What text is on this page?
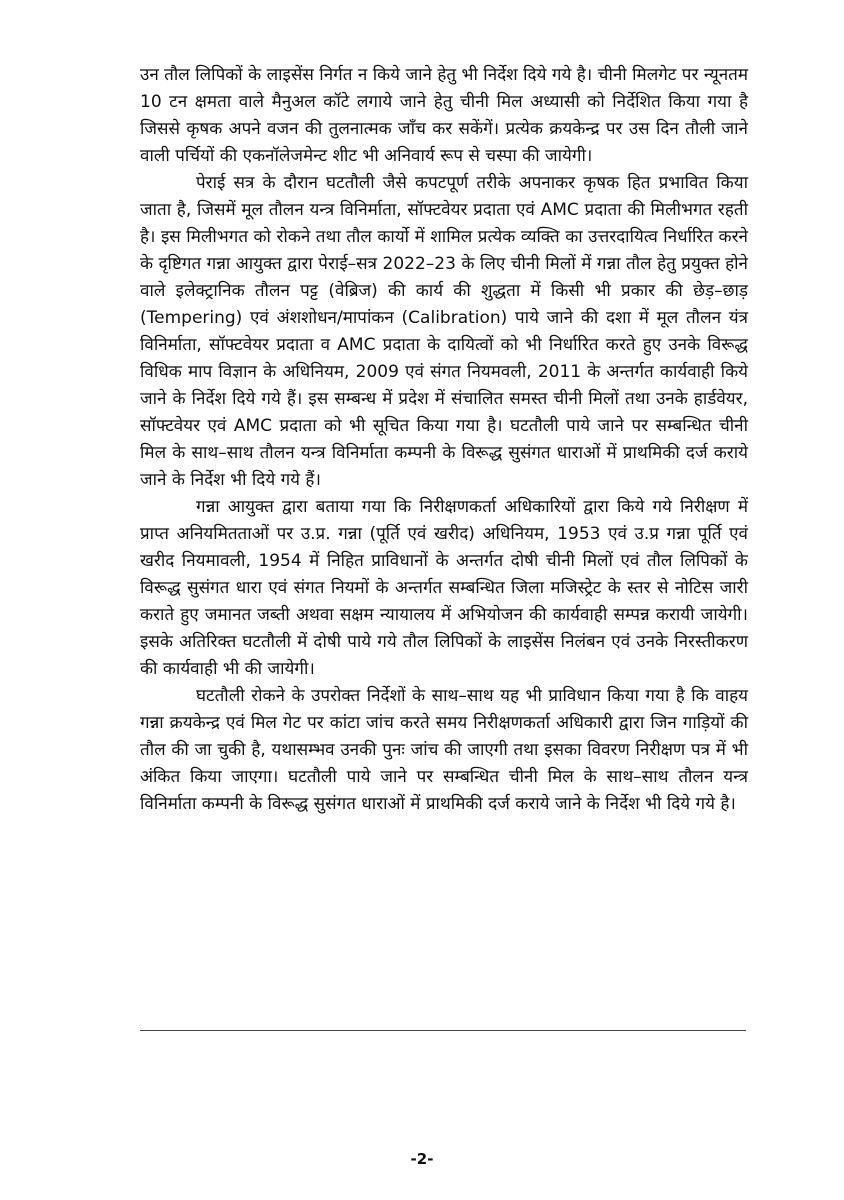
उन तौल लिपिकों के लाइसेंस निर्गत न किये जाने हेतु भी निर्देश दिये गये है। चीनी मिलगेट पर न्यूनतम 10 टन क्षमता वाले मैनुअल कॉटे लगाये जाने हेतु चीनी मिल अध्यासी को निर्देशित किया गया है जिससे कृषक अपने वजन की तुलनात्मक जाँच कर सकेंगें। प्रत्येक क्रयकेन्द्र पर उस दिन तौली जाने वाली पर्चियों की एकनॉलेजमेन्ट शीट भी अनिवार्य रूप से चस्पा की जायेगी।

पेराई सत्र के दौरान घटतौली जैसे कपटपूर्ण तरीके अपनाकर कृषक हित प्रभावित किया जाता है, जिसमें मूल तौलन यन्त्र विनिर्माता, सॉफ्टवेयर प्रदाता एवं AMC प्रदाता की मिलीभगत रहती है। इस मिलीभगत को रोकने तथा तौल कार्यो में शामिल प्रत्येक व्यक्ति का उत्तरदायित्व निर्धारित करने के दृष्टिगत गन्ना आयुक्त द्वारा पेराई–सत्र 2022–23 के लिए चीनी मिलों में गन्ना तौल हेतु प्रयुक्त होने वाले इलेक्ट्रानिक तौलन पट्ट (वेब्रिज) की कार्य की शुद्धता में किसी भी प्रकार की छेड़–छाड़ (Tempering) एवं अंशशोधन/मापांकन (Calibration) पाये जाने की दशा में मूल तौलन यंत्र विनिर्माता, सॉफ्टवेयर प्रदाता व AMC प्रदाता के दायित्वों को भी निर्धारित करते हुए उनके विरूद्ध विधिक माप विज्ञान के अधिनियम, 2009 एवं संगत नियमवली, 2011 के अन्तर्गत कार्यवाही किये जाने के निर्देश दिये गये हैं। इस सम्बन्ध में प्रदेश में संचालित समस्त चीनी मिलों तथा उनके हार्डवेयर, सॉफ्टवेयर एवं AMC प्रदाता को भी सूचित किया गया है। घटतौली पाये जाने पर सम्बन्धित चीनी मिल के साथ–साथ तौलन यन्त्र विनिर्माता कम्पनी के विरूद्ध सुसंगत धाराओं में प्राथमिकी दर्ज कराये जाने के निर्देश भी दिये गये हैं।

गन्ना आयुक्त द्वारा बताया गया कि निरीक्षणकर्ता अधिकारियों द्वारा किये गये निरीक्षण में प्राप्त अनियमितताओं पर उ.प्र. गन्ना (पूर्ति एवं खरीद) अधिनियम, 1953 एवं उ.प्र गन्ना पूर्ति एवं खरीद नियमावली, 1954 में निहित प्राविधानों के अन्तर्गत दोषी चीनी मिलों एवं तौल लिपिकों के विरूद्ध सुसंगत धारा एवं संगत नियमों के अन्तर्गत सम्बन्धित जिला मजिस्ट्रेट के स्तर से नोटिस जारी कराते हुए जमानत जब्ती अथवा सक्षम न्यायालय में अभियोजन की कार्यवाही सम्पन्न करायी जायेगी। इसके अतिरिक्त घटतौली में दोषी पाये गये तौल लिपिकों के लाइसेंस निलंबन एवं उनके निरस्तीकरण की कार्यवाही भी की जायेगी।

घटतौली रोकने के उपरोक्त निर्देशों के साथ–साथ यह भी प्राविधान किया गया है कि वाहय गन्ना क्रयकेन्द्र एवं मिल गेट पर कांटा जांच करते समय निरीक्षणकर्ता अधिकारी द्वारा जिन गाड़ियों की तौल की जा चुकी है, यथासम्भव उनकी पुनः जांच की जाएगी तथा इसका विवरण निरीक्षण पत्र में भी अंकित किया जाएगा। घटतौली पाये जाने पर सम्बन्धित चीनी मिल के साथ–साथ तौलन यन्त्र विनिर्माता कम्पनी के विरूद्ध सुसंगत धाराओं में प्राथमिकी दर्ज कराये जाने के निर्देश भी दिये गये है।

-2-
